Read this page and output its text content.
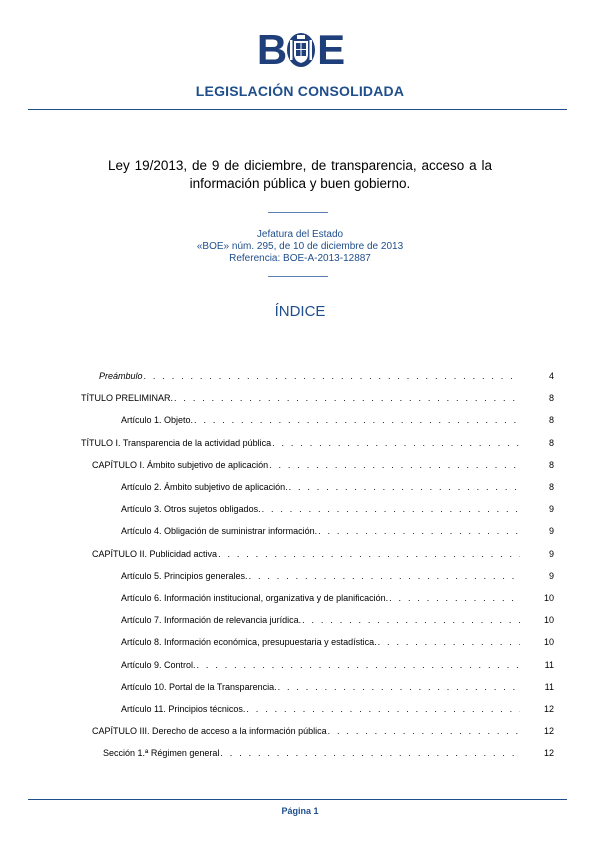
B E
LEGISLACIÓN CONSOLIDADA
Ley 19/2013, de 9 de diciembre, de transparencia, acceso a la información pública y buen gobierno.
Jefatura del Estado
«BOE» núm. 295, de 10 de diciembre de 2013
Referencia: BOE-A-2013-12887
ÍNDICE
Preámbulo . . .	4
TÍTULO PRELIMINAR. . . .	8
Artículo 1. Objeto. . . .	8
TÍTULO I. Transparencia de la actividad pública . . .	8
CAPÍTULO I. Ámbito subjetivo de aplicación . . .	8
Artículo 2. Ámbito subjetivo de aplicación. . . .	8
Artículo 3. Otros sujetos obligados. . . .	9
Artículo 4. Obligación de suministrar información. . . .	9
CAPÍTULO II. Publicidad activa . . .	9
Artículo 5. Principios generales. . . .	9
Artículo 6. Información institucional, organizativa y de planificación. . . .	10
Artículo 7. Información de relevancia jurídica. . . .	10
Artículo 8. Información económica, presupuestaria y estadística. . . .	10
Artículo 9. Control. . . .	11
Artículo 10. Portal de la Transparencia. . . .	11
Artículo 11. Principios técnicos. . . .	12
CAPÍTULO III. Derecho de acceso a la información pública . . .	12
Sección 1.ª Régimen general . . .	12
Página 1
